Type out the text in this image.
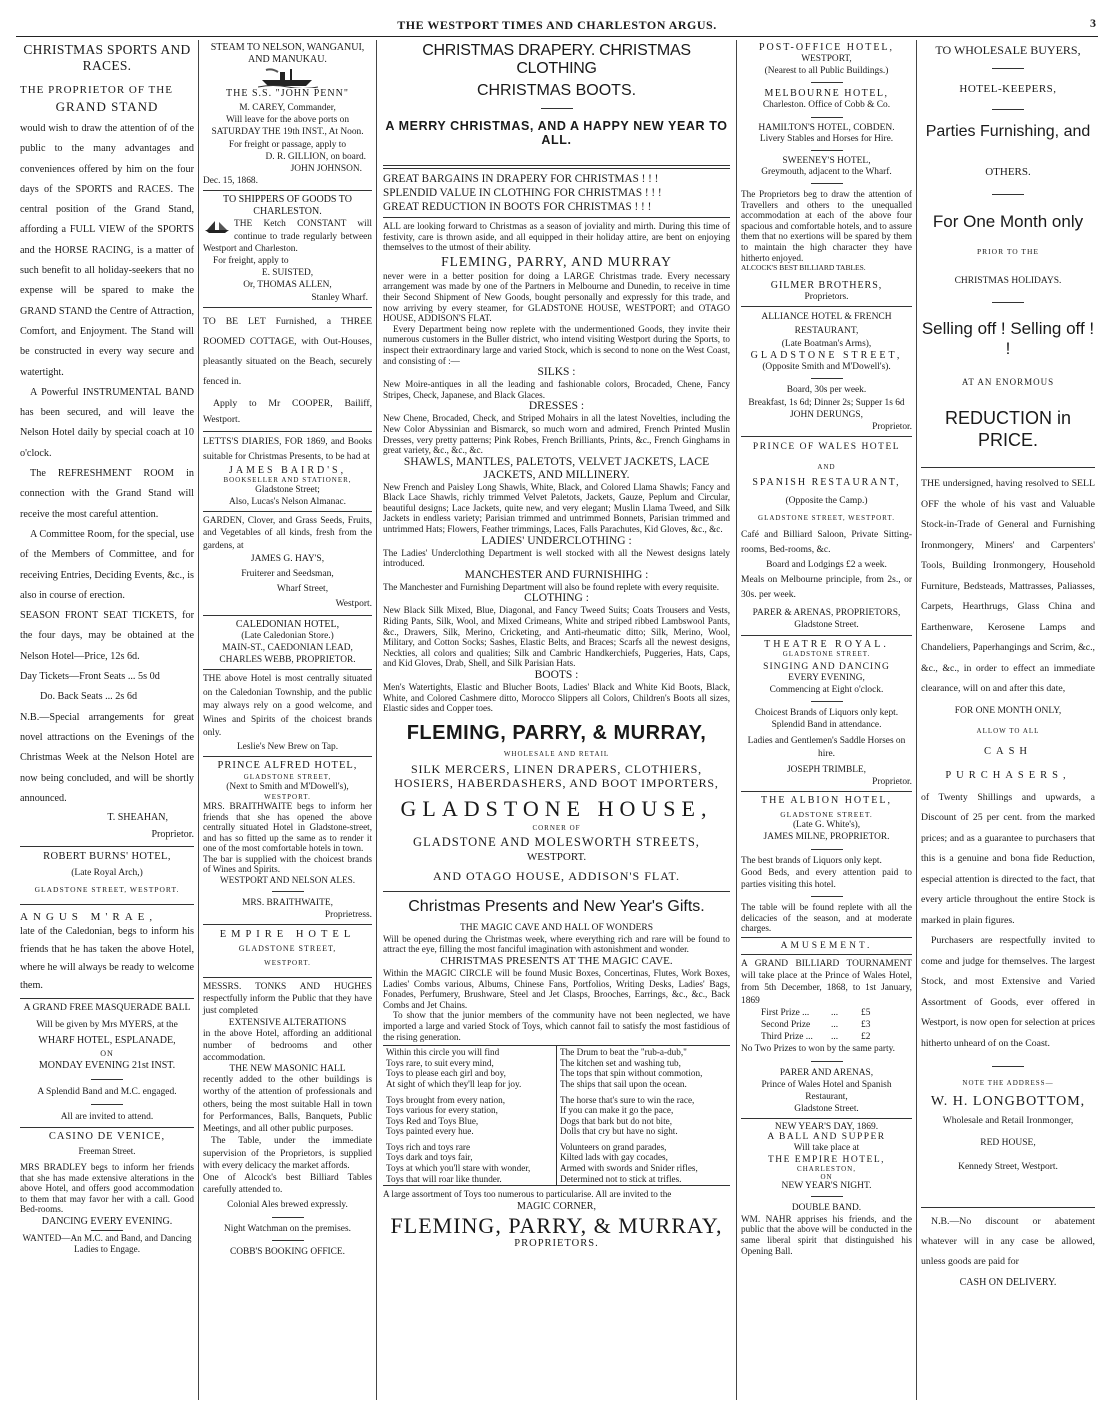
THE WESTPORT TIMES AND CHARLESTON ARGUS.	3

CHRISTMAS SPORTS AND RACES.

THE PROPRIETOR OF THE

GRAND STAND

would wish to draw the attention of of the public to the many advantages and conveniences offered by him on the four days of the SPORTS and RACES. The central position of the Grand Stand, affording a FULL VIEW of the SPORTS and the HORSE RACING, is a matter of such benefit to all holiday-seekers that no expense will be spared to make the GRAND STAND the Centre of Attraction, Comfort, and Enjoyment. The Stand will be constructed in every way secure and watertight.

A Powerful INSTRUMENTAL BAND has been secured, and will leave the Nelson Hotel daily by special coach at 10 o'clock.

The REFRESHMENT ROOM in connection with the Grand Stand will receive the most careful attention.

A Committee Room, for the special, use of the Members of Committee, and for receiving Entries, Deciding Events, &c., is also in course of erection.

SEASON FRONT SEAT TICKETS, for the four days, may be obtained at the Nelson Hotel—Price, 12s 6d.

Day Tickets—Front Seats ... 5s 0d

Do. Back Seats ... 2s 6d

N.B.—Special arrangements for great novel attractions on the Evenings of the Christmas Week at the Nelson Hotel are now being concluded, and will be shortly announced.

T. SHEAHAN,

Proprietor.

ROBERT BURNS' HOTEL,

(Late Royal Arch,)

GLADSTONE STREET, WESTPORT.

ANGUS M'RAE,

late of the Caledonian, begs to inform his friends that he has taken the above Hotel, where he will always be ready to welcome them.

A GRAND FREE MASQUERADE BALL

Will be given by Mrs MYERS, at the

WHARF HOTEL, ESPLANADE,

ON

MONDAY EVENING 21st INST.

A Splendid Band and M.C. engaged.

All are invited to attend.

CASINO DE VENICE,

Freeman Street.

MRS BRADLEY begs to inform her friends that she has made extensive alterations in the above Hotel, and offers good accommodation to them that may favor her with a call. Good Bed-rooms.

DANCING EVERY EVENING.

WANTED—An M.C. and Band, and Dancing Ladies to Engage.

STEAM TO NELSON, WANGANUI, AND MANUKAU.

THE S.S. "JOHN PENN"

M. CAREY, Commander,

Will leave for the above ports on SATURDAY THE 19th INST., At Noon.

For freight or passage, apply to

D. R. GILLION, on board.

JOHN JOHNSON.

Dec. 15, 1868.

TO SHIPPERS OF GOODS TO CHARLESTON.

THE Ketch CONSTANT will continue to trade regularly between Westport and Charleston.

For freight, apply to

E. SUISTED,

Or, THOMAS ALLEN,

Stanley Wharf.

TO BE LET Furnished, a THREE ROOMED COTTAGE, with Out-Houses, pleasantly situated on the Beach, securely fenced in.

Apply to Mr COOPER, Bailiff, Westport.

LETTS'S DIARIES, FOR 1869, and Books suitable for Christmas Presents, to be had at

JAMES BAIRD'S,

BOOKSELLER AND STATIONER,

Gladstone Street;

Also, Lucas's Nelson Almanac.

GARDEN, Clover, and Grass Seeds, Fruits, and Vegetables of all kinds, fresh from the gardens, at

JAMES G. HAY'S,

Fruiterer and Seedsman,

Wharf Street,

Westport.

CALEDONIAN HOTEL,

(Late Caledonian Store.)

MAIN-ST., CAEDONIAN LEAD,

CHARLES WEBB, PROPRIETOR.

THE above Hotel is most centrally situated on the Caledonian Township, and the public may always rely on a good welcome, and Wines and Spirits of the choicest brands only.

Leslie's New Brew on Tap.

PRINCE ALFRED HOTEL,

GLADSTONE STREET,

(Next to Smith and M'Dowell's),

WESTPORT.

MRS. BRAITHWAITE begs to inform her friends that she has opened the above centrally situated Hotel in Gladstone-street, and has so fitted up the same as to render it one of the most comfortable hotels in town.

The bar is supplied with the choicest brands of Wines and Spirits.

WESTPORT AND NELSON ALES.

MRS. BRAITHWAITE,

Proprietress.

EMPIRE HOTEL

GLADSTONE STREET,

WESTPORT.

MESSRS. TONKS AND HUGHES respectfully inform the Public that they have just completed

EXTENSIVE ALTERATIONS

in the above Hotel, affording an additional number of bedrooms and other accommodation.

THE NEW MASONIC HALL

recently added to the other buildings is worthy of the attention of professionals and others, being the most suitable Hall in town for Performances, Balls, Banquets, Public Meetings, and all other public purposes.

The Table, under the immediate supervision of the Proprietors, is supplied with every delicacy the market affords.

One of Alcock's best Billiard Tables carefully attended to.

Colonial Ales brewed expressly.

Night Watchman on the premises.

COBB'S BOOKING OFFICE.

CHRISTMAS DRAPERY. CHRISTMAS CLOTHING

CHRISTMAS BOOTS.

A MERRY CHRISTMAS, AND A HAPPY NEW YEAR TO ALL.

GREAT BARGAINS IN DRAPERY FOR CHRISTMAS ! ! !

SPLENDID VALUE IN CLOTHING FOR CHRISTMAS ! ! !

GREAT REDUCTION IN BOOTS FOR CHRISTMAS ! ! !

ALL are looking forward to Christmas as a season of joviality and mirth. During this time of festivity, care is thrown aside, and all equipped in their holiday attire, are bent on enjoying themselves to the utmost of their ability.

FLEMING, PARRY, AND MURRAY

never were in a better position for doing a LARGE Christmas trade. Every necessary arrangement was made by one of the Partners in Melbourne and Dunedin, to receive in time their Second Shipment of New Goods, bought personally and expressly for this trade, and now arriving by every steamer, for GLADSTONE HOUSE, WESTPORT; and OTAGO HOUSE, ADDISON'S FLAT.

Every Department being now replete with the undermentioned Goods, they invite their numerous customers in the Buller district, who intend visiting Westport during the Sports, to inspect their extraordinary large and varied Stock, which is second to none on the West Coast, and consisting of :—

SILKS :

New Moire-antiques in all the leading and fashionable colors, Brocaded, Chene, Fancy Stripes, Check, Japanese, and Black Glaces.

DRESSES :

New Chene, Brocaded, Check, and Striped Mohairs in all the latest Novelties, including the New Color Abyssinian and Bismarck, so much worn and admired, French Printed Muslin Dresses, very pretty patterns; Pink Robes, French Brilliants, Prints, &c., French Ginghams in great variety, &c., &c., &c.

SHAWLS, MANTLES, PALETOTS, VELVET JACKETS, LACE JACKETS, AND MILLINERY.

New French and Paisley Long Shawls, White, Black, and Colored Llama Shawls; Fancy and Black Lace Shawls, richly trimmed Velvet Paletots, Jackets, Gauze, Peplum and Circular, beautiful designs; Lace Jackets, quite new, and very elegant; Muslin Llama Tweed, and Silk Jackets in endless variety; Parisian trimmed and untrimmed Bonnets, Parisian trimmed and untrimmed Hats; Flowers, Feather trimmings, Laces, Falls Parachutes, Kid Gloves, &c., &c.

LADIES' UNDERCLOTHING :

The Ladies' Underclothing Department is well stocked with all the Newest designs lately introduced.

MANCHESTER AND FURNISHIHG :

The Manchester and Furnishing Department will also be found replete with every requisite.

CLOTHING :

New Black Silk Mixed, Blue, Diagonal, and Fancy Tweed Suits; Coats Trousers and Vests, Riding Pants, Silk, Wool, and Mixed Crimeans, White and striped ribbed Lambswool Pants, &c., Drawers, Silk, Merino, Cricketing, and Anti-rheumatic ditto; Silk, Merino, Wool, Military, and Cotton Socks; Sashes, Elastic Belts, and Braces; Scarfs all the newest designs, Neckties, all colors and qualities; Silk and Cambric Handkerchiefs, Puggeries, Hats, Caps, and Kid Gloves, Drab, Shell, and Silk Parisian Hats.

BOOTS :

Men's Watertights, Elastic and Blucher Boots, Ladies' Black and White Kid Boots, Black, White, and Colored Cashmere ditto, Morocco Slippers all Colors, Children's Boots all sizes, Elastic sides and Copper toes.

FLEMING, PARRY, & MURRAY,

WHOLESALE AND RETAIL

SILK MERCERS, LINEN DRAPERS, CLOTHIERS, HOSIERS, HABERDASHERS, AND BOOT IMPORTERS,

GLADSTONE HOUSE,

CORNER OF

GLADSTONE AND MOLESWORTH STREETS,

WESTPORT.

AND OTAGO HOUSE, ADDISON'S FLAT.

Christmas Presents and New Year's Gifts.

THE MAGIC CAVE AND HALL OF WONDERS

Will be opened during the Christmas week, where everything rich and rare will be found to attract the eye, filling the most fanciful imagination with astonishment and wonder.

CHRISTMAS PRESENTS AT THE MAGIC CAVE.

Within the MAGIC CIRCLE will be found Music Boxes, Concertinas, Flutes, Work Boxes, Ladies' Combs various, Albums, Chinese Fans, Portfolios, Writing Desks, Ladies' Bags, Fonades, Perfumery, Brushware, Steel and Jet Clasps, Brooches, Earrings, &c., &c., Back Combs and Jet Chains.

To show that the junior members of the community have not been neglected, we have imported a large and varied Stock of Toys, which cannot fail to satisfy the most fastidious of the rising generation.

Within this circle you will find

Toys rare, to suit every mind,

Toys to please each girl and boy,

At sight of which they'll leap for joy.

Toys brought from every nation,

Toys various for every station,

Toys Red and Toys Blue,

Toys painted every hue.

Toys rich and toys rare

Toys dark and toys fair,

Toys at which you'll stare with wonder,

Toys that will roar like thunder.

The Drum to beat the "rub-a-dub,"

The kitchen set and washing tub,

The tops that spin without commotion,

The ships that sail upon the ocean.

The horse that's sure to win the race,

If you can make it go the pace,

Dogs that bark but do not bite,

Dolls that cry but have no sight.

Volunteers on grand parades,

Kilted lads with gay cocades,

Armed with swords and Snider rifles,

Determined not to stick at trifles.

A large assortment of Toys too numerous to particularise. All are invited to the

MAGIC CORNER,

FLEMING, PARRY, & MURRAY,

PROPRIETORS.

POST-OFFICE HOTEL,

WESTPORT,

(Nearest to all Public Buildings.)

MELBOURNE HOTEL,

Charleston. Office of Cobb & Co.

HAMILTON'S HOTEL, COBDEN.

Livery Stables and Horses for Hire.

SWEENEY'S HOTEL,

Greymouth, adjacent to the Wharf.

The Proprietors beg to draw the attention of Travellers and others to the unequalled accommodation at each of the above four spacious and comfortable hotels, and to assure them that no exertions will be spared by them to maintain the high character they have hitherto enjoyed.

ALCOCK'S BEST BILLIARD TABLES.

GILMER BROTHERS,

Proprietors.

ALLIANCE HOTEL & FRENCH RESTAURANT,

(Late Boatman's Arms),

GLADSTONE STREET,

(Opposite Smith and M'Dowell's).

Board, 30s per week.

Breakfast, 1s 6d; Dinner 2s; Supper 1s 6d

JOHN DERUNGS,

Proprietor.

PRINCE OF WALES HOTEL

AND

SPANISH RESTAURANT,

(Opposite the Camp.)

GLADSTONE STREET, WESTPORT.

Café and Billiard Saloon, Private Sitting-rooms, Bed-rooms, &c.

Board and Lodgings £2 a week.

Meals on Melbourne principle, from 2s., or 30s. per week.

PARER & ARENAS, PROPRIETORS,

Gladstone Street.

THEATRE ROYAL.

GLADSTONE STREET.

SINGING AND DANCING

EVERY EVENING,

Commencing at Eight o'clock.

Choicest Brands of Liquors only kept. Splendid Band in attendance.

Ladies and Gentlemen's Saddle Horses on hire.

JOSEPH TRIMBLE,

Proprietor.

THE ALBION HOTEL,

GLADSTONE STREET.

(Late G. White's),

JAMES MILNE, PROPRIETOR.

The best brands of Liquors only kept.

Good Beds, and every attention paid to parties visiting this hotel.

The table will be found replete with all the delicacies of the season, and at moderate charges.

AMUSEMENT.

A GRAND BILLIARD TOURNAMENT will take place at the Prince of Wales Hotel, from 5th December, 1868, to 1st January, 1869

First Prize ...	...	£5
Second Prize	...	£3
Third Prize ...	...	£2

No Two Prizes to won by the same party.

PARER AND ARENAS,

Prince of Wales Hotel and Spanish Restaurant,

Gladstone Street.

NEW YEAR'S DAY, 1869.

A BALL AND SUPPER

Will take place at

THE EMPIRE HOTEL,

CHARLESTON,

ON

NEW YEAR'S NIGHT.

DOUBLE BAND.

WM. NAHR apprises his friends, and the public that the above will be conducted in the same liberal spirit that distinguished his Opening Ball.

TO WHOLESALE BUYERS,

HOTEL-KEEPERS,

Parties Furnishing, and

OTHERS.

For One Month only

PRIOR TO THE

CHRISTMAS HOLIDAYS.

Selling off ! Selling off ! !

AT AN ENORMOUS

REDUCTION in PRICE.

THE undersigned, having resolved to SELL OFF the whole of his vast and Valuable Stock-in-Trade of General and Furnishing Ironmongery, Miners' and Carpenters' Tools, Building Ironmongery, Household Furniture, Bedsteads, Mattrasses, Paliasses, Carpets, Hearthrugs, Glass China and Earthenware, Kerosene Lamps and Chandeliers, Paperhangings and Scrim, &c., &c., &c., in order to effect an immediate clearance, will on and after this date,

FOR ONE MONTH ONLY,

ALLOW TO ALL

CASH PURCHASERS,

of Twenty Shillings and upwards, a Discount of 25 per cent. from the marked prices; and as a guarantee to purchasers that this is a genuine and bona fide Reduction, especial attention is directed to the fact, that every article throughout the entire Stock is marked in plain figures.

Purchasers are respectfully invited to come and judge for themselves. The largest Stock, and most Extensive and Varied Assortment of Goods, ever offered in Westport, is now open for selection at prices hitherto unheard of on the Coast.

NOTE THE ADDRESS—

W. H. LONGBOTTOM,

Wholesale and Retail Ironmonger,

RED HOUSE,

Kennedy Street, Westport.

N.B.—No discount or abatement whatever will in any case be allowed, unless goods are paid for

CASH ON DELIVERY.
